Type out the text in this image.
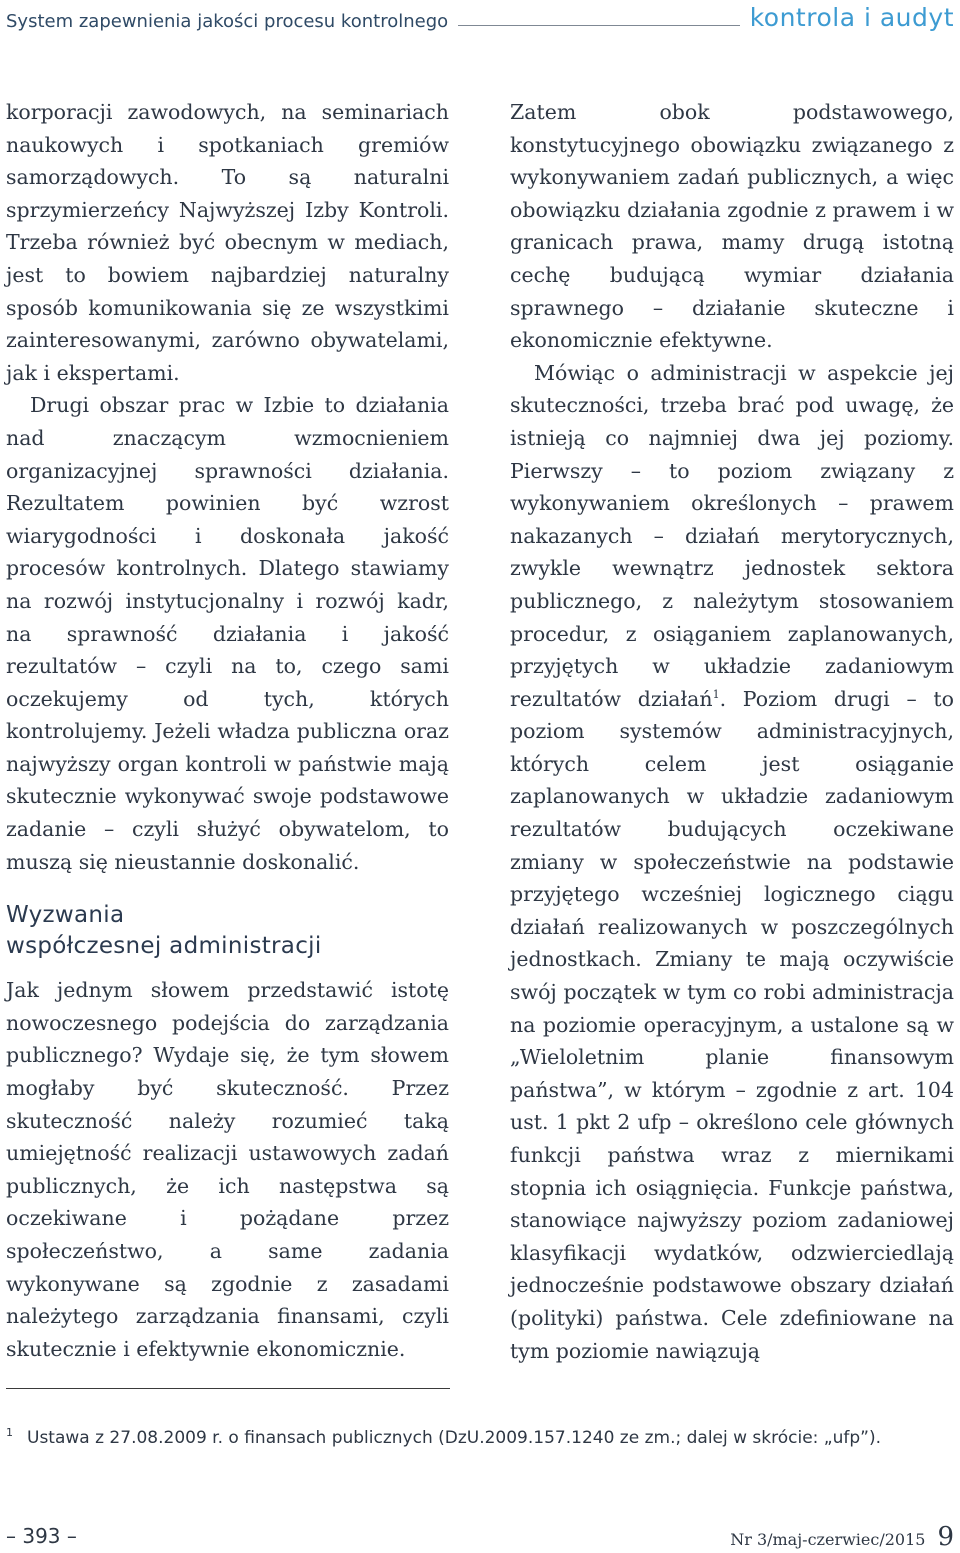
System zapewnienia jakości procesu kontrolnego	kontrola i audyt

korporacji zawodowych, na seminariach naukowych i spotkaniach gremiów samorządowych. To są naturalni sprzymierzeńcy Najwyższej Izby Kontroli. Trzeba również być obecnym w mediach, jest to bowiem najbardziej naturalny sposób komunikowania się ze wszystkimi zainteresowanymi, zarówno obywatelami, jak i ekspertami.

Drugi obszar prac w Izbie to działania nad znaczącym wzmocnieniem organizacyjnej sprawności działania. Rezultatem powinien być wzrost wiarygodności i doskonała jakość procesów kontrolnych. Dlatego stawiamy na rozwój instytucjonalny i rozwój kadr, na sprawność działania i jakość rezultatów – czyli na to, czego sami oczekujemy od tych, których kontrolujemy. Jeżeli władza publiczna oraz najwyższy organ kontroli w państwie mają skutecznie wykonywać swoje podstawowe zadanie – czyli służyć obywatelom, to muszą się nieustannie doskonalić.

Wyzwania
współczesnej administracji

Jak jednym słowem przedstawić istotę nowoczesnego podejścia do zarządzania publicznego? Wydaje się, że tym słowem mogłaby być skuteczność. Przez skuteczność należy rozumieć taką umiejętność realizacji ustawowych zadań publicznych, że ich następstwa są oczekiwane i pożądane przez społeczeństwo, a same zadania wykonywane są zgodnie z zasadami należytego zarządzania finansami, czyli skutecznie i efektywnie ekonomicznie.

Zatem obok podstawowego, konstytucyjnego obowiązku związanego z wykonywaniem zadań publicznych, a więc obowiązku działania zgodnie z prawem i w granicach prawa, mamy drugą istotną cechę budującą wymiar działania sprawnego – działanie skuteczne i ekonomicznie efektywne.

Mówiąc o administracji w aspekcie jej skuteczności, trzeba brać pod uwagę, że istnieją co najmniej dwa jej poziomy. Pierwszy – to poziom związany z wykonywaniem określonych – prawem nakazanych – działań merytorycznych, zwykle wewnątrz jednostek sektora publicznego, z należytym stosowaniem procedur, z osiąganiem zaplanowanych, przyjętych w układzie zadaniowym rezultatów działań$^1$. Poziom drugi – to poziom systemów administracyjnych, których celem jest osiąganie zaplanowanych w układzie zadaniowym rezultatów budujących oczekiwane zmiany w społeczeństwie na podstawie przyjętego wcześniej logicznego ciągu działań realizowanych w poszczególnych jednostkach. Zmiany te mają oczywiście swój początek w tym co robi administracja na poziomie operacyjnym, a ustalone są w „Wieloletnim planie finansowym państwa”, w którym – zgodnie z art. 104 ust. 1 pkt 2 ufp – określono cele głównych funkcji państwa wraz z miernikami stopnia ich osiągnięcia. Funkcje państwa, stanowiące najwyższy poziom zadaniowej klasyfikacji wydatków, odzwierciedlają jednocześnie podstawowe obszary działań (polityki) państwa. Cele zdefiniowane na tym poziomie nawiązują

$^1$ Ustawa z 27.08.2009 r. o finansach publicznych (DzU.2009.157.1240 ze zm.; dalej w skrócie: „ufp”).
– 393 –	Nr 3/maj-czerwiec/2015 9
